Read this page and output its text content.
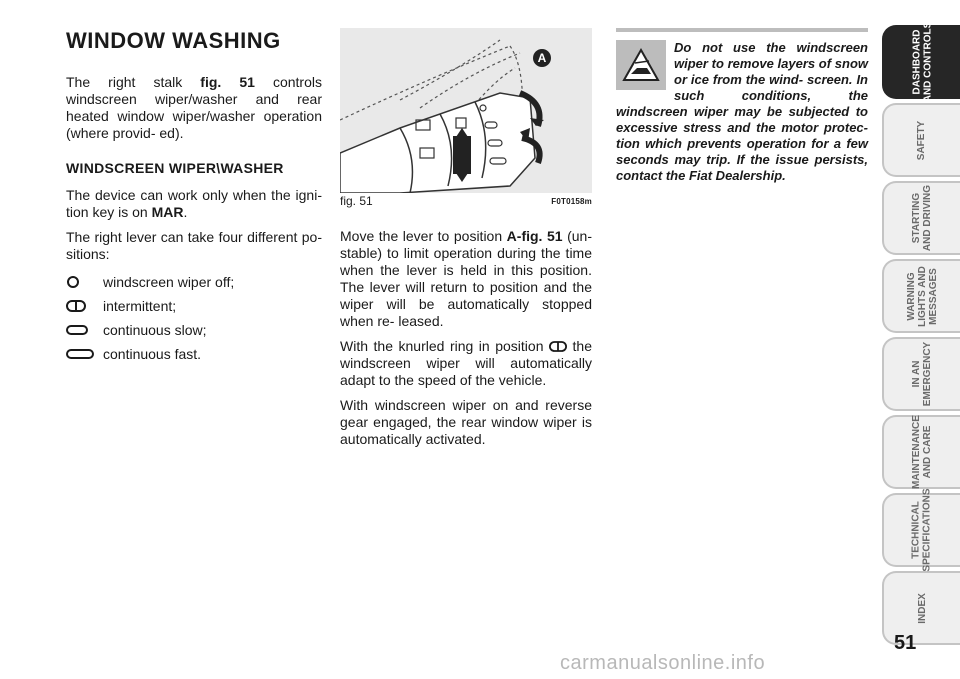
WINDOW WASHING

The right stalk fig. 51 controls windscreen wiper/washer and rear heated window wiper/washer operation (where provid- ed).

WINDSCREEN WIPER\WASHER

The device can work only when the igni- tion key is on MAR.

The right lever can take four different po- sitions:

windscreen wiper off;
intermittent;
continuous slow;
continuous fast.
A
fig. 51	F0T0158m

Move the lever to position A-fig. 51 (un- stable) to limit operation during the time when the lever is held in this position. The lever will return to position and the wiper will be automatically stopped when re- leased.

With the knurled ring in position  the windscreen wiper will automatically adapt to the speed of the vehicle.

With windscreen wiper on and reverse gear engaged, the rear window wiper is automatically activated.

Do not use the windscreen wiper to remove layers of snow or ice from the wind- screen. In such conditions, the windscreen wiper may be subjected to excessive stress and the motor protec- tion which prevents operation for a few seconds may trip. If the issue persists, contact the Fiat Dealership.
DASHBOARD
AND CONTROLS
SAFETY
STARTING
AND DRIVING
WARNING
LIGHTS AND
MESSAGES
IN AN
EMERGENCY
MAINTENANCE
AND CARE
TECHNICAL
SPECIFICATIONS
INDEX
51
carmanualsonline.info
